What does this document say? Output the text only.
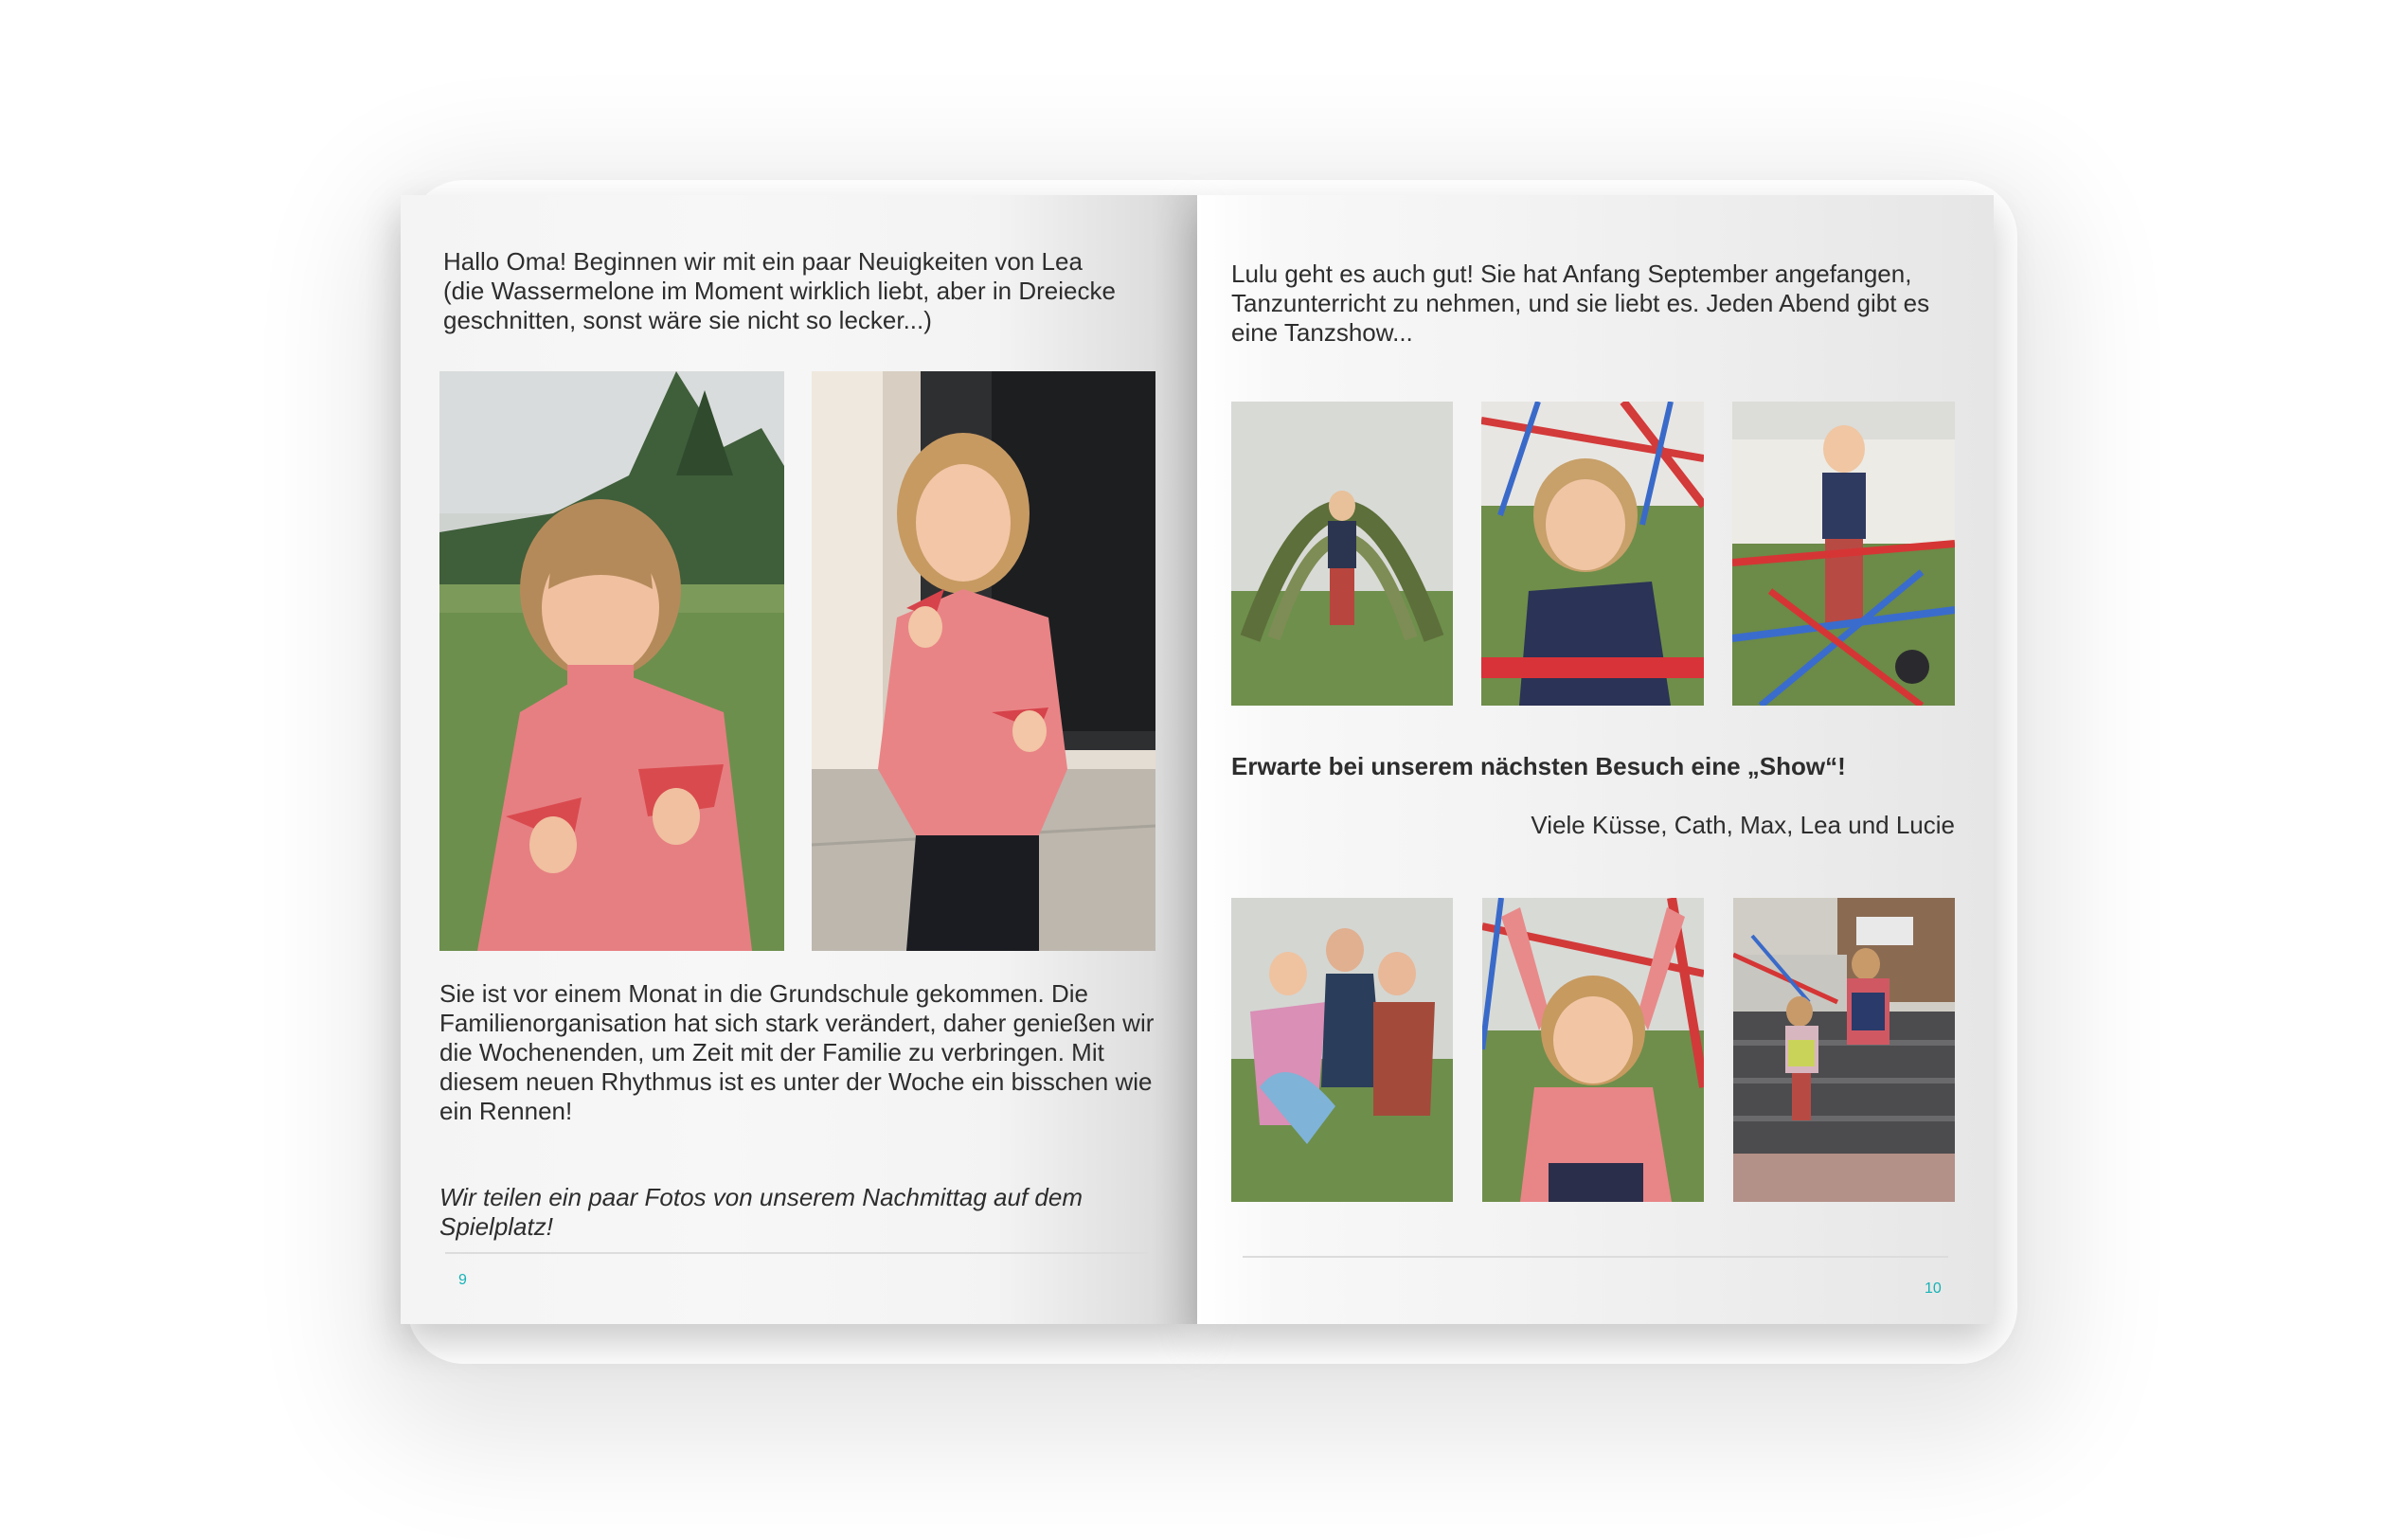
Hallo Oma! Beginnen wir mit ein paar Neuigkeiten von Lea (die Wassermelone im Moment wirklich liebt, aber in Dreiecke geschnitten, sonst wäre sie nicht so lecker...)
Sie ist vor einem Monat in die Grundschule gekommen. Die Familienorganisation hat sich stark verändert, daher genießen wir die Wochenenden, um Zeit mit der Familie zu verbringen. Mit diesem neuen Rhythmus ist es unter der Woche ein bisschen wie ein Rennen!
Wir teilen ein paar Fotos von unserem Nachmittag auf dem Spielplatz!
9
Lulu geht es auch gut! Sie hat Anfang September angefangen, Tanzunterricht zu nehmen, und sie liebt es. Jeden Abend gibt es eine Tanzshow...
Erwarte bei unserem nächsten Besuch eine „Show“!
Viele Küsse, Cath, Max, Lea und Lucie
10
